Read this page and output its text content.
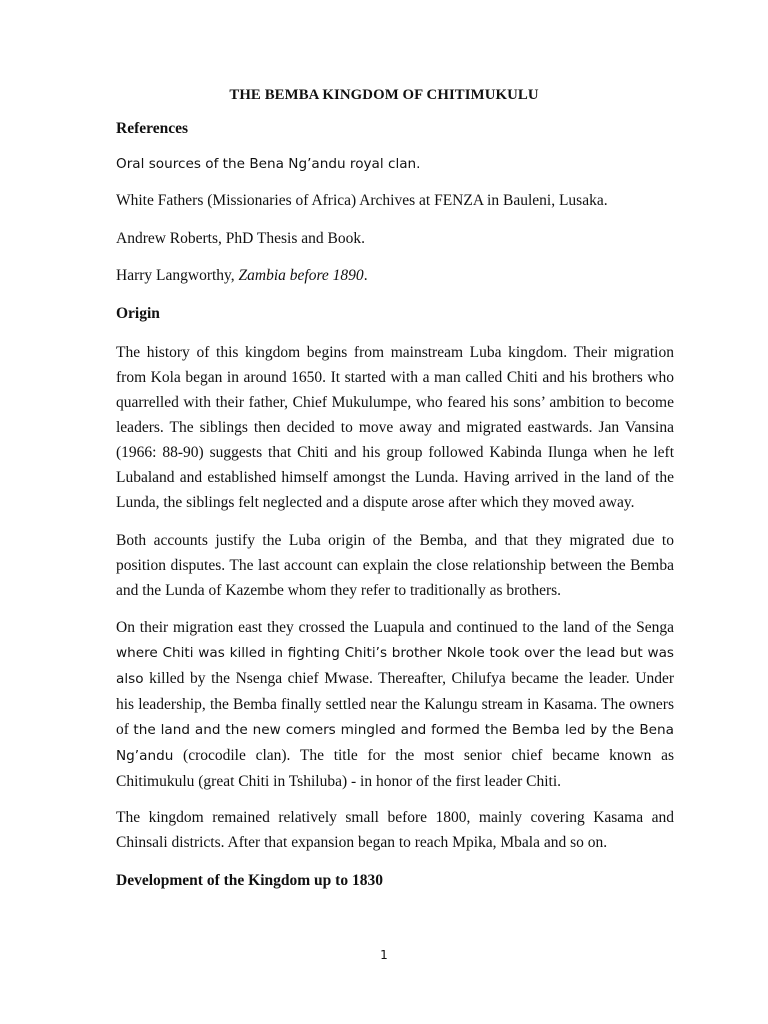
THE BEMBA KINGDOM OF CHITIMUKULU
References
Oral sources of the Bena Ng’andu royal clan.
White Fathers (Missionaries of Africa) Archives at FENZA in Bauleni, Lusaka.
Andrew Roberts, PhD Thesis and Book.
Harry Langworthy, Zambia before 1890.
Origin
The history of this kingdom begins from mainstream Luba kingdom. Their migration from Kola began in around 1650. It started with a man called Chiti and his brothers who quarrelled with their father, Chief Mukulumpe, who feared his sons’ ambition to become leaders. The siblings then decided to move away and migrated eastwards. Jan Vansina (1966: 88-90) suggests that Chiti and his group followed Kabinda Ilunga when he left Lubaland and established himself amongst the Lunda. Having arrived in the land of the Lunda, the siblings felt neglected and a dispute arose after which they moved away.
Both accounts justify the Luba origin of the Bemba, and that they migrated due to position disputes. The last account can explain the close relationship between the Bemba and the Lunda of Kazembe whom they refer to traditionally as brothers.
On their migration east they crossed the Luapula and continued to the land of the Senga where Chiti was killed in fighting Chiti’s brother Nkole took over the lead but was also killed by the Nsenga chief Mwase. Thereafter, Chilufya became the leader. Under his leadership, the Bemba finally settled near the Kalungu stream in Kasama. The owners of the land and the new comers mingled and formed the Bemba led by the Bena Ng’andu (crocodile clan). The title for the most senior chief became known as Chitimukulu (great Chiti in Tshiluba) - in honor of the first leader Chiti.
The kingdom remained relatively small before 1800, mainly covering Kasama and Chinsali districts. After that expansion began to reach Mpika, Mbala and so on.
Development of the Kingdom up to 1830
1
